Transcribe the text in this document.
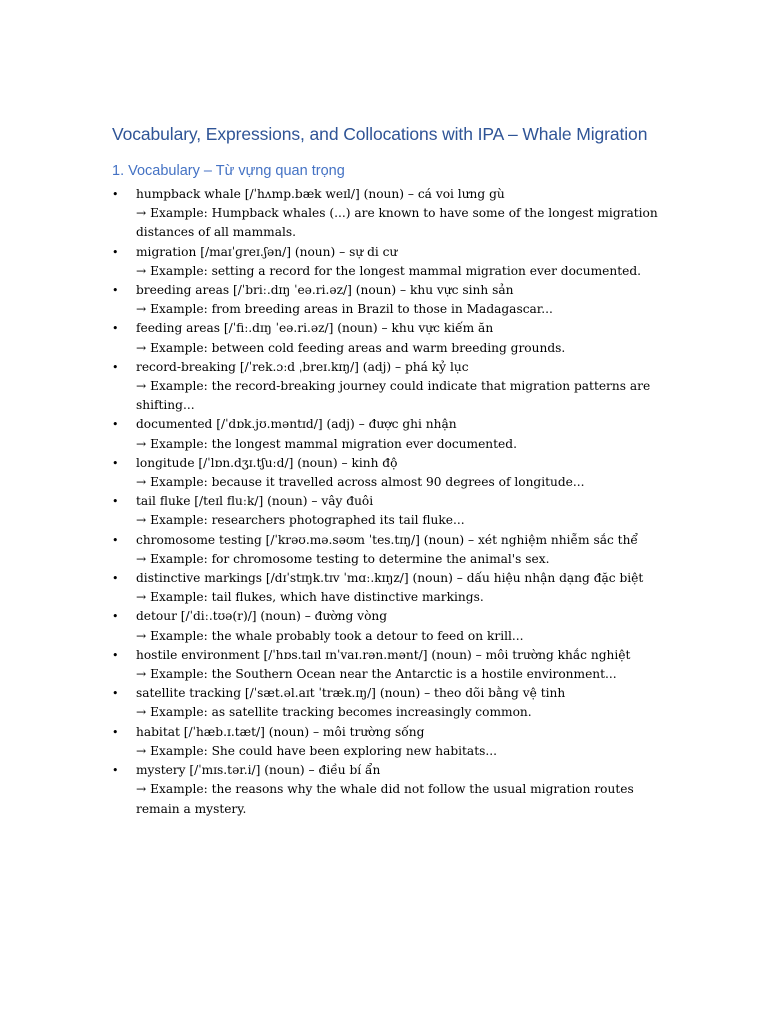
Vocabulary, Expressions, and Collocations with IPA – Whale Migration
1. Vocabulary – Từ vựng quan trọng
• humpback whale [/ˈhʌmp.bæk weɪl/] (noun) – cá voi lưng gù
→ Example: Humpback whales (...) are known to have some of the longest migration distances of all mammals.
• migration [/maɪˈɡreɪ.ʃən/] (noun) – sự di cư
→ Example: setting a record for the longest mammal migration ever documented.
• breeding areas [/ˈbriː.dɪŋ ˈeə.ri.əz/] (noun) – khu vực sinh sản
→ Example: from breeding areas in Brazil to those in Madagascar...
• feeding areas [/ˈfiː.dɪŋ ˈeə.ri.əz/] (noun) – khu vực kiếm ăn
→ Example: between cold feeding areas and warm breeding grounds.
• record-breaking [/ˈrek.ɔːd ˌbreɪ.kɪŋ/] (adj) – phá kỷ lục
→ Example: the record-breaking journey could indicate that migration patterns are shifting...
• documented [/ˈdɒk.jʊ.məntɪd/] (adj) – được ghi nhận
→ Example: the longest mammal migration ever documented.
• longitude [/ˈlɒn.dʒɪ.tʃuːd/] (noun) – kinh độ
→ Example: because it travelled across almost 90 degrees of longitude...
• tail fluke [/teɪl fluːk/] (noun) – vây đuôi
→ Example: researchers photographed its tail fluke...
• chromosome testing [/ˈkrəʊ.mə.səʊm ˈtes.tɪŋ/] (noun) – xét nghiệm nhiễm sắc thể
→ Example: for chromosome testing to determine the animal's sex.
• distinctive markings [/dɪˈstɪŋk.tɪv ˈmɑː.kɪŋz/] (noun) – dấu hiệu nhận dạng đặc biệt
→ Example: tail flukes, which have distinctive markings.
• detour [/ˈdiː.tʊə(r)/] (noun) – đường vòng
→ Example: the whale probably took a detour to feed on krill...
• hostile environment [/ˈhɒs.taɪl ɪnˈvaɪ.rən.mənt/] (noun) – môi trường khắc nghiệt
→ Example: the Southern Ocean near the Antarctic is a hostile environment...
• satellite tracking [/ˈsæt.əl.aɪt ˈtræk.ɪŋ/] (noun) – theo dõi bằng vệ tinh
→ Example: as satellite tracking becomes increasingly common.
• habitat [/ˈhæb.ɪ.tæt/] (noun) – môi trường sống
→ Example: She could have been exploring new habitats...
• mystery [/ˈmɪs.tər.i/] (noun) – điều bí ẩn
→ Example: the reasons why the whale did not follow the usual migration routes remain a mystery.
